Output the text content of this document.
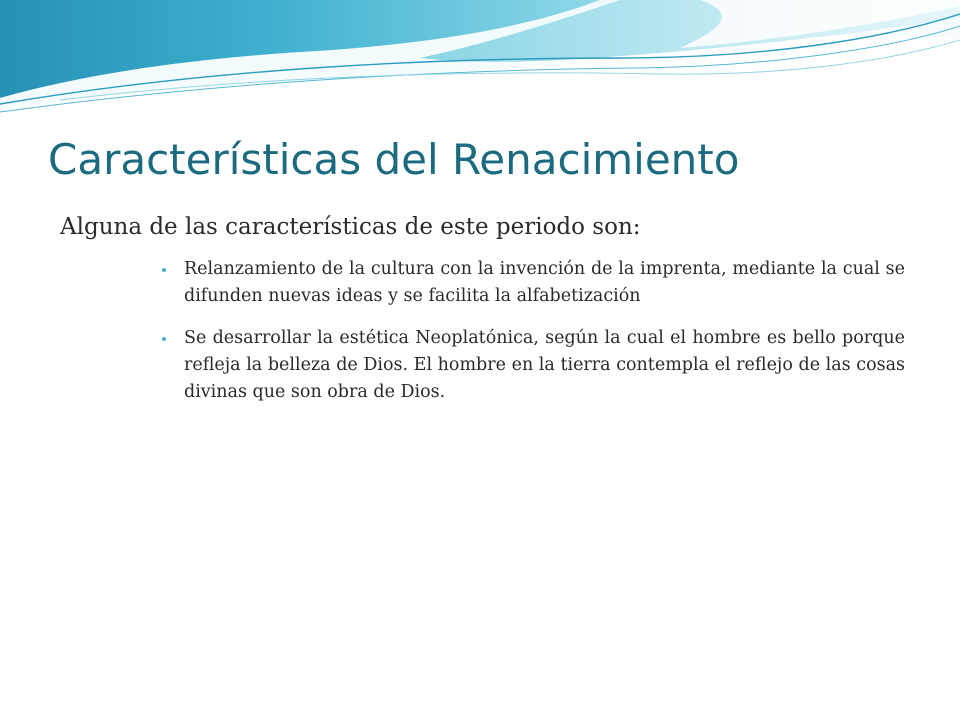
Características del Renacimiento

Alguna de las características de este periodo son:

Relanzamiento de la cultura con la invención de la imprenta, mediante la cual se difunden nuevas ideas y se facilita la alfabetización
Se desarrollar la estética Neoplatónica, según la cual el hombre es bello porque refleja la belleza de Dios. El hombre en la tierra contempla el reflejo de las cosas divinas que son obra de Dios.
